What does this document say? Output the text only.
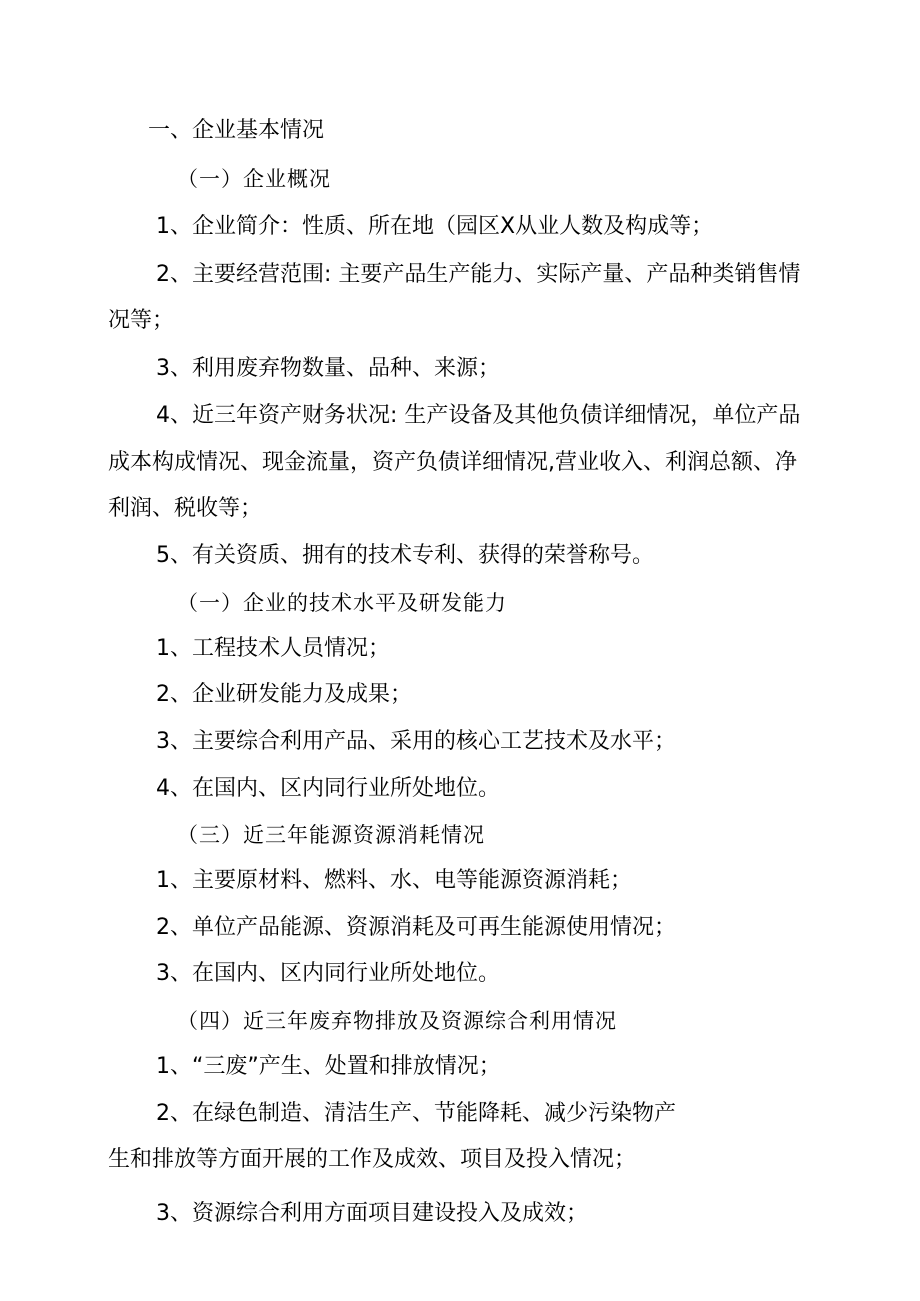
一、企业基本情况
（一）企业概况
1、企业简介：性质、所在地（园区X从业人数及构成等；
2、主要经营范围: 主要产品生产能力、实际产量、产品种类销售情
况等；
3、利用废弃物数量、品种、来源；
4、近三年资产财务状况: 生产设备及其他负债详细情况，单位产品
成本构成情况、现金流量，资产负债详细情况,营业收入、利润总额、净
利润、税收等；
5、有关资质、拥有的技术专利、获得的荣誉称号。
（一）企业的技术水平及研发能力
1、工程技术人员情况；
2、企业研发能力及成果；
3、主要综合利用产品、采用的核心工艺技术及水平；
4、在国内、区内同行业所处地位。
（三）近三年能源资源消耗情况
1、主要原材料、燃料、水、电等能源资源消耗；
2、单位产品能源、资源消耗及可再生能源使用情况；
3、在国内、区内同行业所处地位。
（四）近三年废弃物排放及资源综合利用情况
1、“三废”产生、处置和排放情况；
2、在绿色制造、清洁生产、节能降耗、减少污染物产
生和排放等方面开展的工作及成效、项目及投入情况；
3、资源综合利用方面项目建设投入及成效；
